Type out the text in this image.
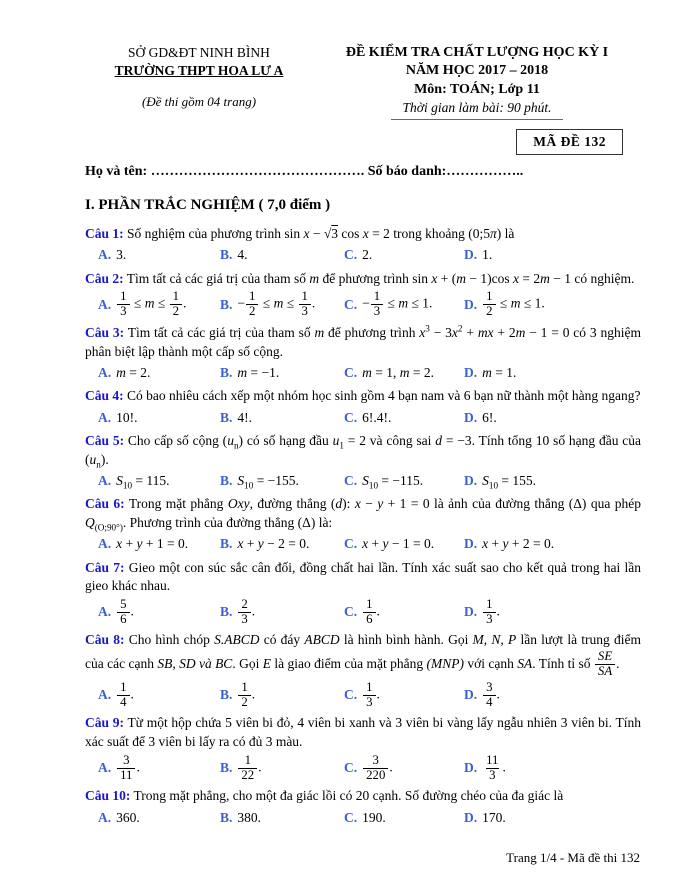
SỞ GD&ĐT NINH BÌNH
TRƯỜNG THPT HOA LƯ A
(Đề thi gồm 04 trang)
ĐỀ KIỂM TRA CHẤT LƯỢNG HỌC KỲ I
NĂM HỌC 2017 – 2018
Môn: TOÁN; Lớp 11
Thời gian làm bài: 90 phút.
MÃ ĐỀ 132
Họ và tên: ………………………………………. Số báo danh:……………..
I. PHẦN TRẮC NGHIỆM ( 7,0 điểm )
Câu 1: Số nghiệm của phương trình sin x − √3 cos x = 2 trong khoảng (0;5π) là
A. 3.	B. 4.	C. 2.	D. 1.
Câu 2: Tìm tất cả các giá trị của tham số m để phương trình sin x + (m − 1)cos x = 2m − 1 có nghiệm.
A. $\frac{1}{3} \le m \le \frac{1}{2}$ . B. − $\frac{1}{2} \le m \le \frac{1}{3}$ . C. − $\frac{1}{3} \le m \le 1$. D. $\frac{1}{2} \le m \le 1$.
Câu 3: Tìm tất cả các giá trị của tham số m để phương trình $x^3 - 3x^2$ + mx + 2m − 1 = 0 có 3 nghiệm phân biệt lập thành một cấp số cộng.
A. m = 2.	B. m = −1.	C. m = 1, m = 2. D. m = 1.
Câu 4: Có bao nhiêu cách xếp một nhóm học sinh gồm 4 bạn nam và 6 bạn nữ thành một hàng ngang?
A. 10!.	B. 4!.	C. 6!.4!.	D. 6!.
Câu 5: Cho cấp số cộng $(u_n)$ có số hạng đầu $u_1 = 2$ và công sai d = −3. Tính tổng 10 số hạng đầu của $(u_n)$.
A. $S_{10} = 115$.	B. $S_{10} = -155$.	C. $S_{10} = -115$.	D. $S_{10} = 155$.
Câu 6: Trong mặt phẳng Oxy, đường thẳng (d): x − y + 1 = 0 là ảnh của đường thẳng (Δ) qua phép $Q_{(O;90^\circ)}$. Phương trình của đường thẳng (Δ) là:
A. x + y + 1 = 0. B. x + y − 2 = 0.	C. x + y − 1 = 0. D. x + y + 2 = 0.
Câu 7: Gieo một con súc sắc cân đối, đồng chất hai lần. Tính xác suất sao cho kết quả trong hai lần gieo khác nhau.
A. $\frac{5}{6}$ .	B. $\frac{2}{3}$ .	C. $\frac{1}{6}$ .	D. $\frac{1}{3}$ .
Câu 8: Cho hình chóp S.ABCD có đáy ABCD là hình bình hành. Gọi M, N, P lần lượt là trung điểm của các cạnh SB, SD và BC. Gọi E là giao điểm của mặt phẳng (MNP) với cạnh SA. Tính tỉ số $\frac{SE}{SA}$ .
A. $\frac{1}{4}$ .	B. $\frac{1}{2}$ .	C. $\frac{1}{3}$ .	D. $\frac{3}{4}$ .
Câu 9: Từ một hộp chứa 5 viên bi đỏ, 4 viên bi xanh và 3 viên bi vàng lấy ngẫu nhiên 3 viên bi. Tính xác suất để 3 viên bi lấy ra có đủ 3 màu.
A. $\frac{3}{11}$ .	B. $\frac{1}{22}$ .	C. $\frac{3}{220}$ .	D. $\frac{11}{3}$ .
Câu 10: Trong mặt phẳng, cho một đa giác lồi có 20 cạnh. Số đường chéo của đa giác là
A. 360.	B. 380.	C. 190.	D. 170.
Trang 1/4 - Mã đề thi 132
